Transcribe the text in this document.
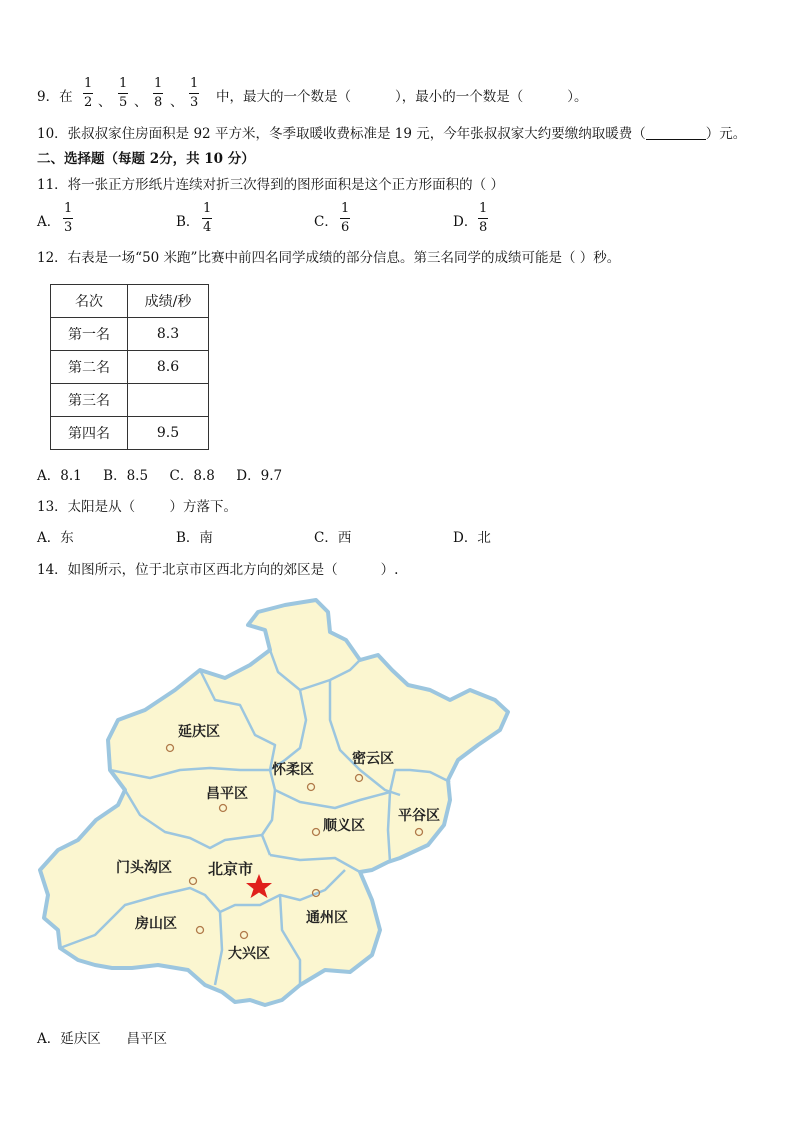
9．在
1
2 、
1
5 、
1
8 、
1
3 中，最大的一个数是（	），最小的一个数是（	）。
10．张叔叔家住房面积是 92 平方米，冬季取暖收费标准是 19 元，今年张叔叔家大约要缴纳取暖费（	）元。
二、选择题（每题 2分，共 10 分）
11．将一张正方形纸片连续对折三次得到的图形面积是这个正方形面积的（ ）
A．
1
3	B．
1
4	C．
1
6	D．
1
8
12．右表是一场“50 米跑”比赛中前四名同学成绩的部分信息。第三名同学的成绩可能是（ ）秒。
名次	成绩/秒
第一名	8.3
第二名	8.6
第三名	
第四名	9.5
A．8.1     B．8.5     C．8.8     D．9.7
13．太阳是从（        ）方落下。
A．东	B．南	C．西	D．北
14．如图所示，位于北京市区西北方向的郊区是（          ）.
延庆区
怀柔区
密云区
昌平区
顺义区
平谷区
门头沟区 北京市
通州区
房山区
大兴区
A．延庆区      昌平区
